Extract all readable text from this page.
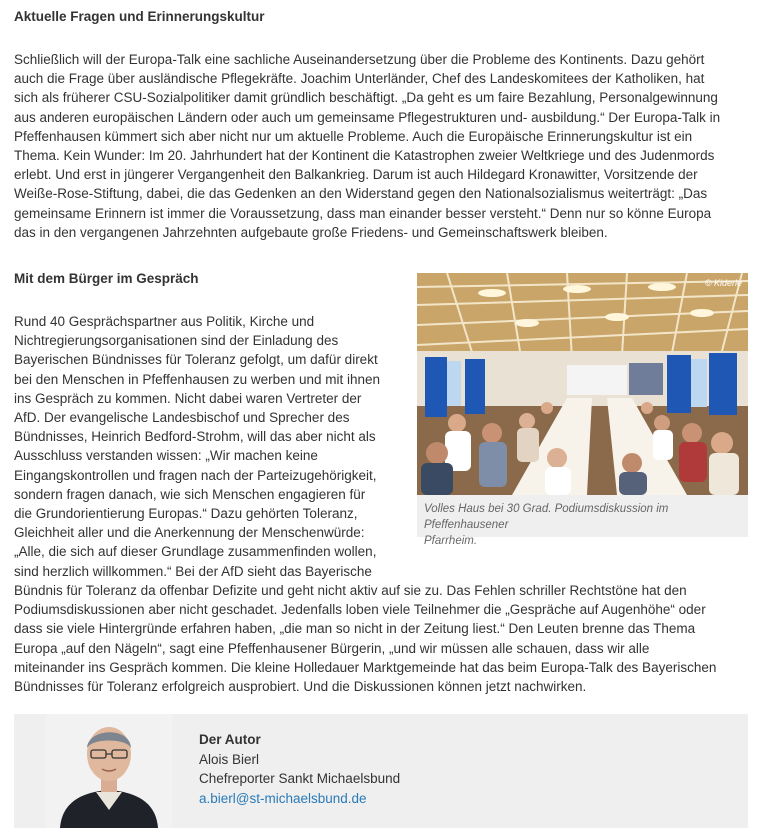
Aktuelle Fragen und Erinnerungskultur
Schließlich will der Europa-Talk eine sachliche Auseinandersetzung über die Probleme des Kontinents. Dazu gehört
auch die Frage über ausländische Pflegekräfte. Joachim Unterländer, Chef des Landeskomitees der Katholiken, hat
sich als früherer CSU-Sozialpolitiker damit gründlich beschäftigt. „Da geht es um faire Bezahlung, Personalgewinnung
aus anderen europäischen Ländern oder auch um gemeinsame Pflegestrukturen und- ausbildung.“ Der Europa-Talk in
Pfeffenhausen kümmert sich aber nicht nur um aktuelle Probleme. Auch die Europäische Erinnerungskultur ist ein
Thema. Kein Wunder: Im 20. Jahrhundert hat der Kontinent die Katastrophen zweier Weltkriege und des Judenmords
erlebt. Und erst in jüngerer Vergangenheit den Balkankrieg. Darum ist auch Hildegard Kronawitter, Vorsitzende der
Weiße-Rose-Stiftung, dabei, die das Gedenken an den Widerstand gegen den Nationalsozialismus weiterträgt: „Das
gemeinsame Erinnern ist immer die Voraussetzung, dass man einander besser versteht.“ Denn nur so könne Europa
das in den vergangenen Jahrzehnten aufgebaute große Friedens- und Gemeinschaftswerk bleiben.
Mit dem Bürger im Gespräch
Rund 40 Gesprächspartner aus Politik, Kirche und
Nichtregierungsorganisationen sind der Einladung des
Bayerischen Bündnisses für Toleranz gefolgt, um dafür direkt
bei den Menschen in Pfeffenhausen zu werben und mit ihnen
ins Gespräch zu kommen. Nicht dabei waren Vertreter der
AfD. Der evangelische Landesbischof und Sprecher des
Bündnisses, Heinrich Bedford-Strohm, will das aber nicht als
Ausschluss verstanden wissen: „Wir machen keine
Eingangskontrollen und fragen nach der Parteizugehörigkeit,
sondern fragen danach, wie sich Menschen engagieren für
die Grundorientierung Europas.“ Dazu gehörten Toleranz,
Gleichheit aller und die Anerkennung der Menschenwürde:
„Alle, die sich auf dieser Grundlage zusammenfinden wollen,
sind herzlich willkommen.“ Bei der AfD sieht das Bayerische
Bündnis für Toleranz da offenbar Defizite und geht nicht aktiv auf sie zu. Das Fehlen schriller Rechtstöne hat den
Podiumsdiskussionen aber nicht geschadet. Jedenfalls loben viele Teilnehmer die „Gespräche auf Augenhöhe“ oder
dass sie viele Hintergründe erfahren haben, „die man so nicht in der Zeitung liest.“ Den Leuten brenne das Thema
Europa „auf den Nägeln“, sagt eine Pfeffenhausener Bürgerin, „und wir müssen alle schauen, dass wir alle
miteinander ins Gespräch kommen. Die kleine Holledauer Marktgemeinde hat das beim Europa-Talk des Bayerischen
Bündnisses für Toleranz erfolgreich ausprobiert. Und die Diskussionen können jetzt nachwirken.
© Kiderle
Volles Haus bei 30 Grad. Podiumsdiskussion im Pfeffenhausener
Pfarrheim.
Der Autor
Alois Bierl
Chefreporter Sankt Michaelsbund
a.bierl@st-michaelsbund.de
